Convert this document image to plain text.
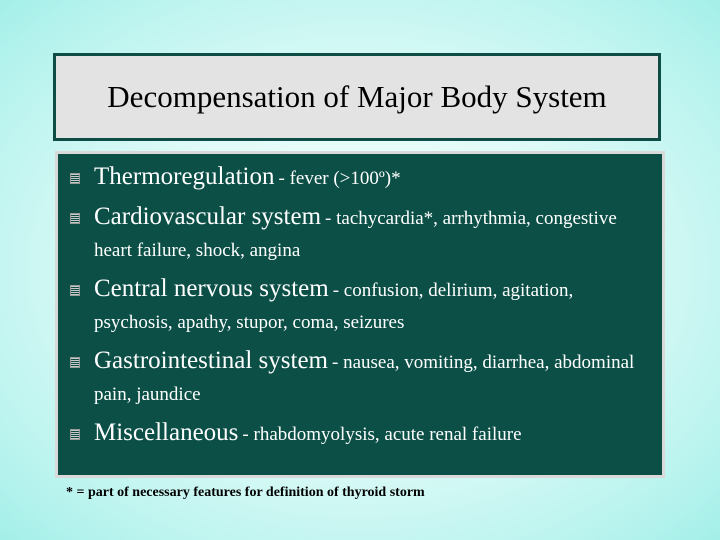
Decompensation of Major Body System
Thermoregulation - fever (>100º)*
Cardiovascular system - tachycardia*, arrhythmia, congestive heart failure, shock, angina
Central nervous system - confusion, delirium, agitation, psychosis, apathy, stupor, coma, seizures
Gastrointestinal system - nausea, vomiting, diarrhea, abdominal pain, jaundice
Miscellaneous - rhabdomyolysis, acute renal failure
* = part of necessary features for definition of thyroid storm
